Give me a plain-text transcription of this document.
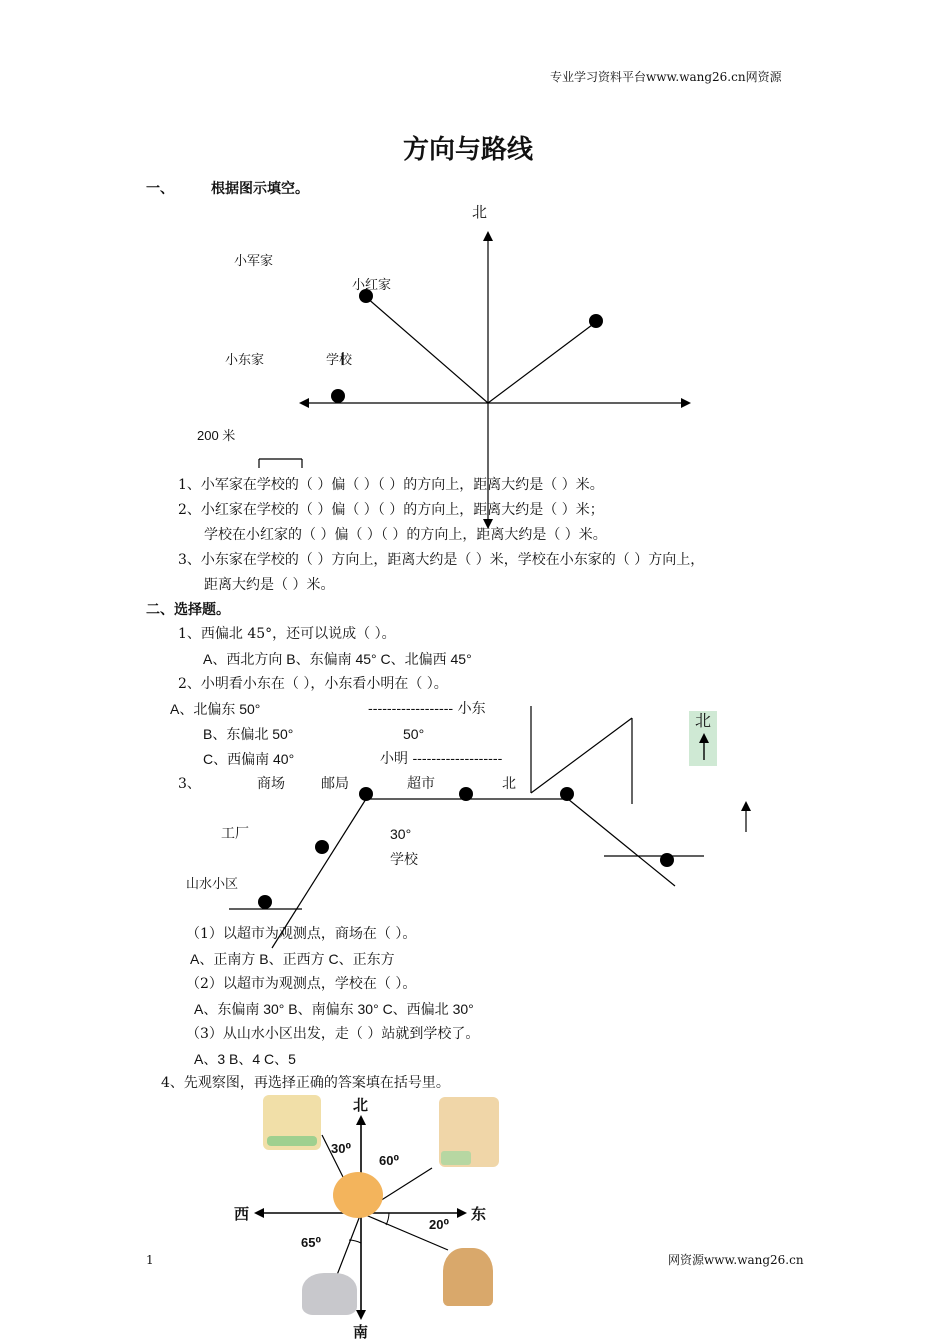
专业学习资料平台www.wang26.cn网资源
1	网资源www.wang26.cn
方向与路线
一、	根据图示填空。
北
小军家
小红家
小东家	学校
200 米
1、小军家在学校的（ ）偏（ ）（ ）的方向上，距离大约是（ ）米。
2、小红家在学校的（ ）偏（ ）（ ）的方向上，距离大约是（ ）米；
学校在小红家的（ ）偏（ ）（ ）的方向上，距离大约是（ ）米。
3、小东家在学校的（ ）方向上，距离大约是（ ）米，学校在小东家的（ ）方向上，
距离大约是（ ）米。
二、选择题。
1、西偏北 45°，还可以说成（ ）。
A、西北方向 B、东偏南 45° C、北偏西 45°
2、小明看小东在（ ），小东看小明在（ ）。
A、北偏东 50°
B、东偏北 50°
C、西偏南 40°
------------------ 小东
50°
小明 -------------------
北
3、	商场	邮局	超市	北
工厂	30°
学校
山水小区
（1）以超市为观测点，商场在（ ）。
A、正南方 B、正西方 C、正东方
（2）以超市为观测点，学校在（ ）。
A、东偏南 30° B、南偏东 30° C、西偏北 30°
（3）从山水小区出发，走（ ）站就到学校了。
A、3 B、4 C、5
4、先观察图，再选择正确的答案填在括号里。
北
南
西	东
30⁰
60⁰
20⁰
65⁰
